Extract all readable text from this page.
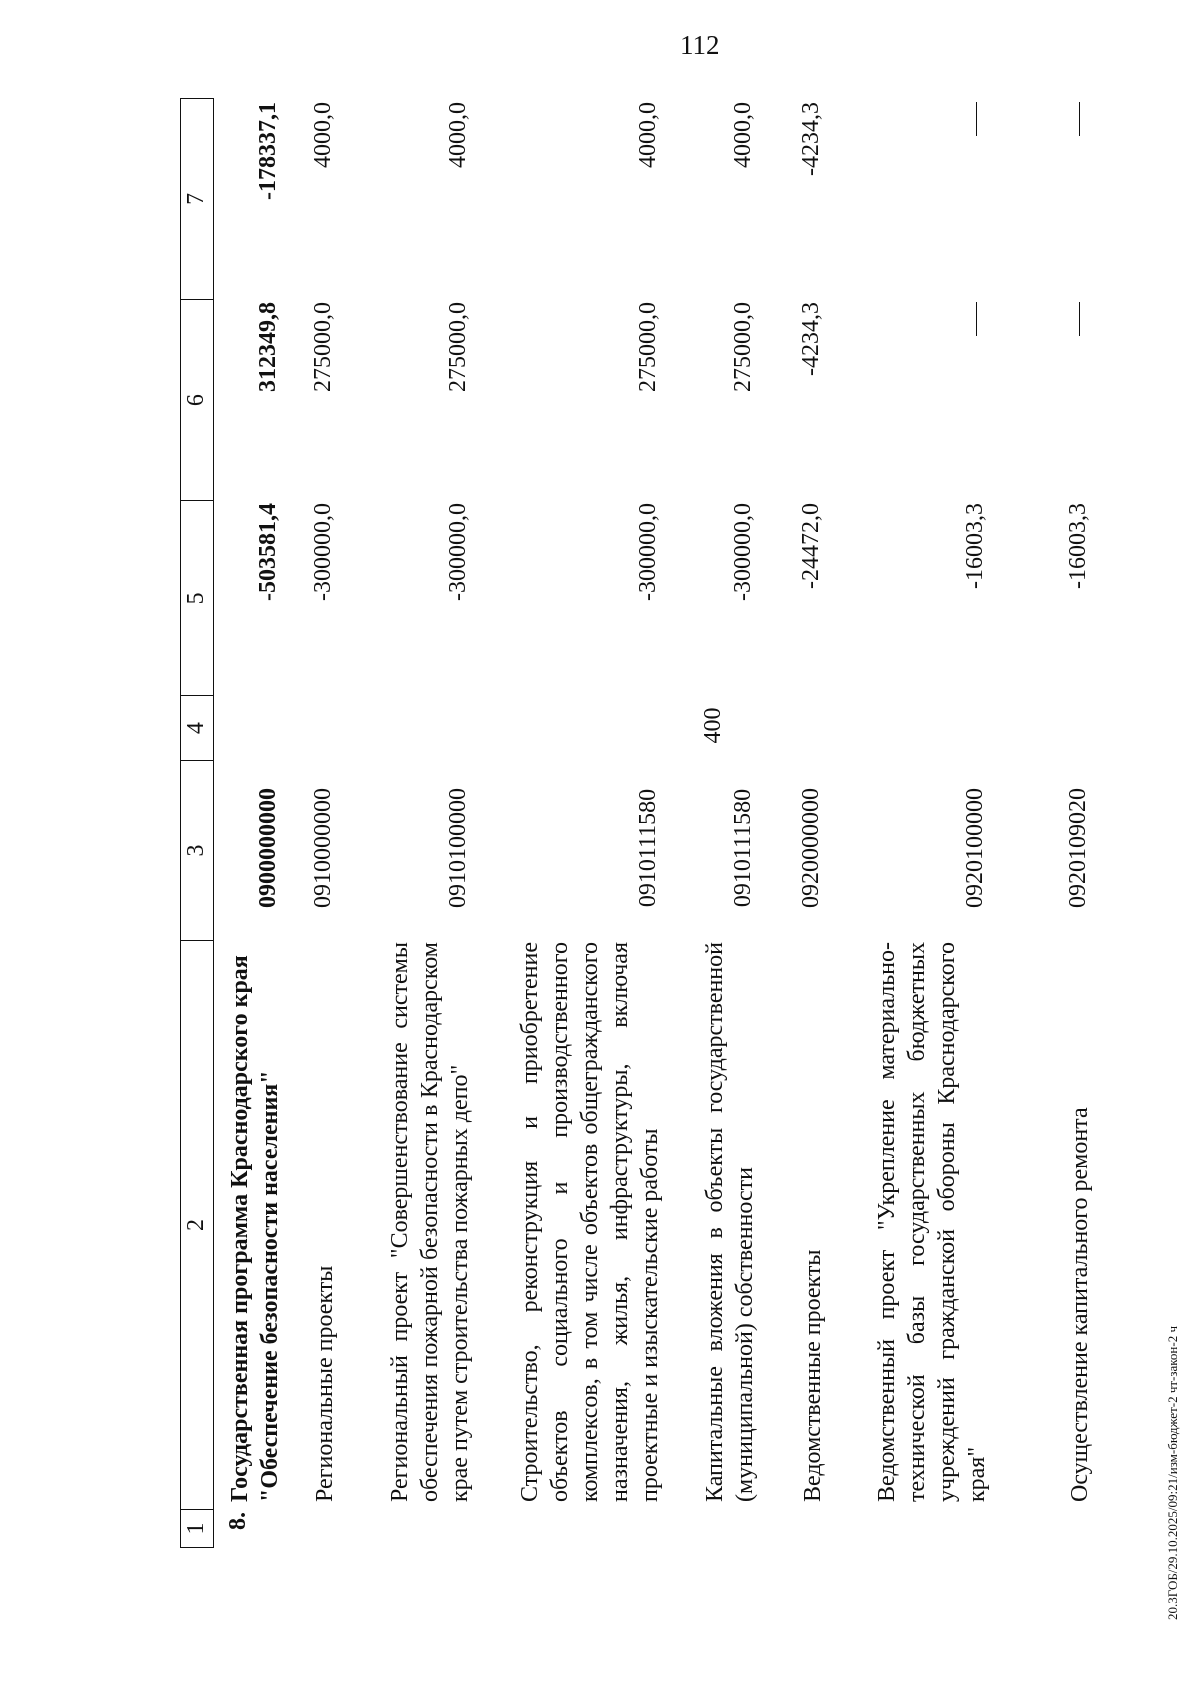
112
20.3ГОБ/29.10.2025/09:21/изм-бюджет-2 чт-закон-2 ч
1
2
3
4
5
6
7
8.
Государственная программа Краснодарского края "Обеспечение безопасности населения"
0900000000
-503581,4
312349,8
-178337,1
Региональные проекты
0910000000
-300000,0
275000,0
4000,0
Региональный проект "Совершенствование системы обеспечения пожарной безопасности в Краснодарском крае путем строительства пожарных депо"
0910100000
-300000,0
275000,0
4000,0
Строительство, реконструкция и приобретение объектов социального и производственного комплексов, в том числе объектов общегражданского назначения, жилья, инфраструктуры, включая проектные и изыскательские работы
0910111580
-300000,0
275000,0
4000,0
Капитальные вложения в объекты государственной (муниципальной) собственности
0910111580
400
-300000,0
275000,0
4000,0
Ведомственные проекты
0920000000
-24472,0
-4234,3
-4234,3
Ведомственный проект "Укрепление материально-технической базы государственных бюджетных учреждений гражданской обороны Краснодарского края"
0920100000
-16003,3
Осуществление капитального ремонта
0920109020
-16003,3
